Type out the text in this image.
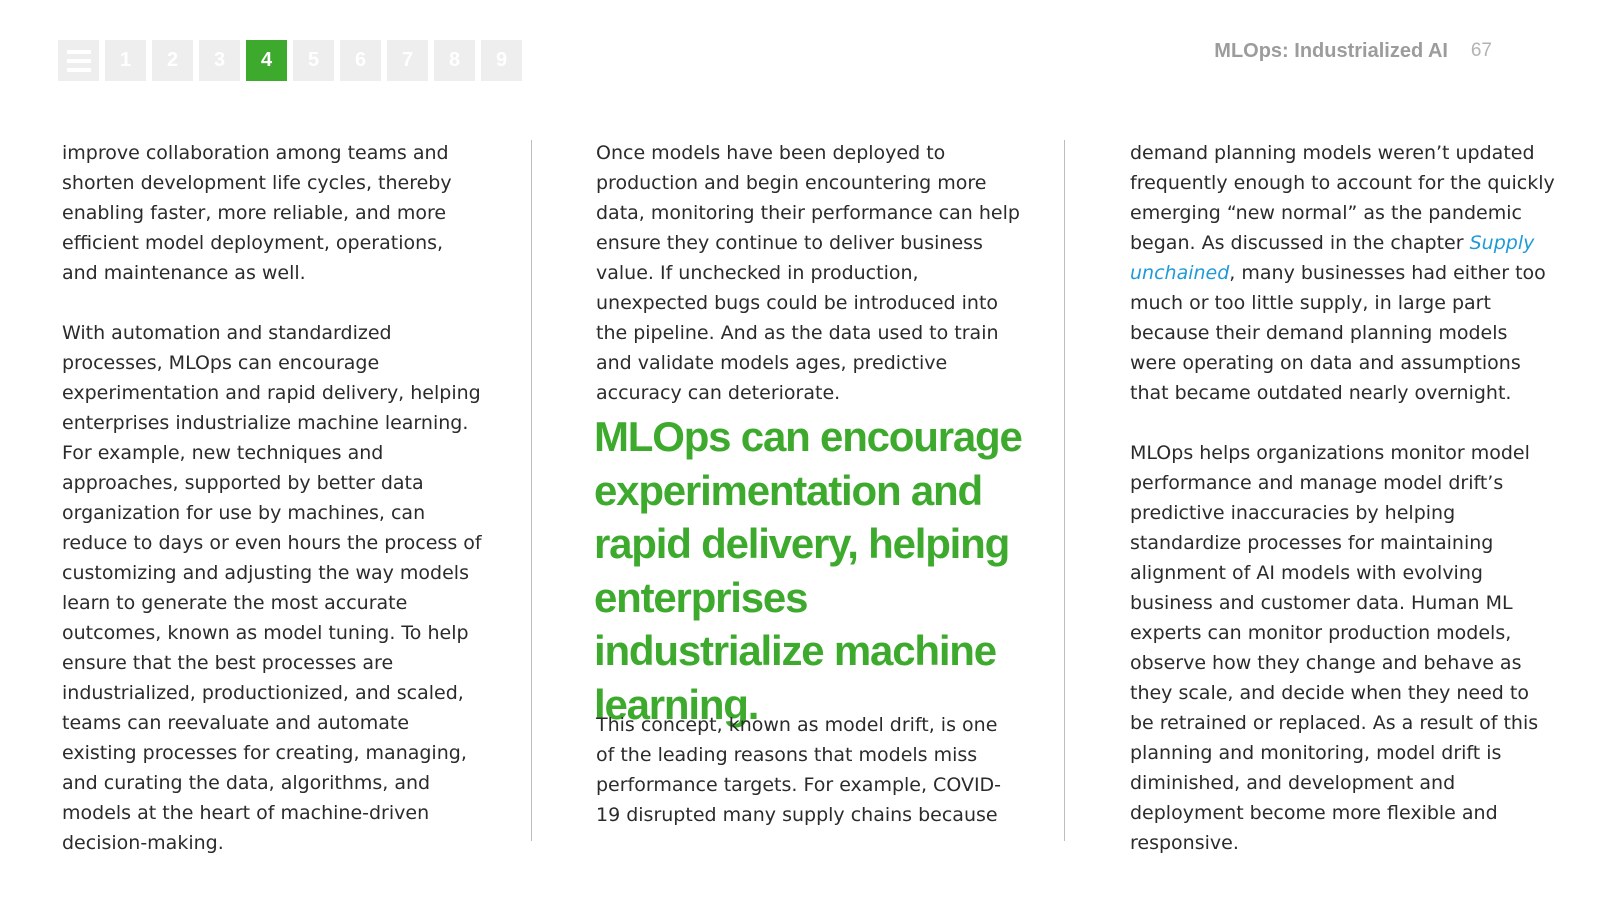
1	2	3	4	5	6	7	8	9	MLOps: Industrialized AI 67

improve collaboration among teams and shorten development life cycles, thereby enabling faster, more reliable, and more efficient model deployment, operations, and maintenance as well.

With automation and standardized processes, MLOps can encourage experimentation and rapid delivery, helping enterprises industrialize machine learning. For example, new techniques and approaches, supported by better data organization for use by machines, can reduce to days or even hours the process of customizing and adjusting the way models learn to generate the most accurate outcomes, known as model tuning. To help ensure that the best processes are industrialized, productionized, and scaled, teams can reevaluate and automate existing processes for creating, managing, and curating the data, algorithms, and models at the heart of machine-driven decision-making.

Once models have been deployed to production and begin encountering more data, monitoring their performance can help ensure they continue to deliver business value. If unchecked in production, unexpected bugs could be introduced into the pipeline. And as the data used to train and validate models ages, predictive accuracy can deteriorate.

MLOps can encourage experimentation and rapid delivery, helping enterprises industrialize machine learning.

This concept, known as model drift, is one of the leading reasons that models miss performance targets. For example, COVID-19 disrupted many supply chains because

demand planning models weren’t updated frequently enough to account for the quickly emerging “new normal” as the pandemic began. As discussed in the chapter Supply unchained, many businesses had either too much or too little supply, in large part because their demand planning models were operating on data and assumptions that became outdated nearly overnight.

MLOps helps organizations monitor model performance and manage model drift’s predictive inaccuracies by helping standardize processes for maintaining alignment of AI models with evolving business and customer data. Human ML experts can monitor production models, observe how they change and behave as they scale, and decide when they need to be retrained or replaced. As a result of this planning and monitoring, model drift is diminished, and development and deployment become more flexible and responsive.
